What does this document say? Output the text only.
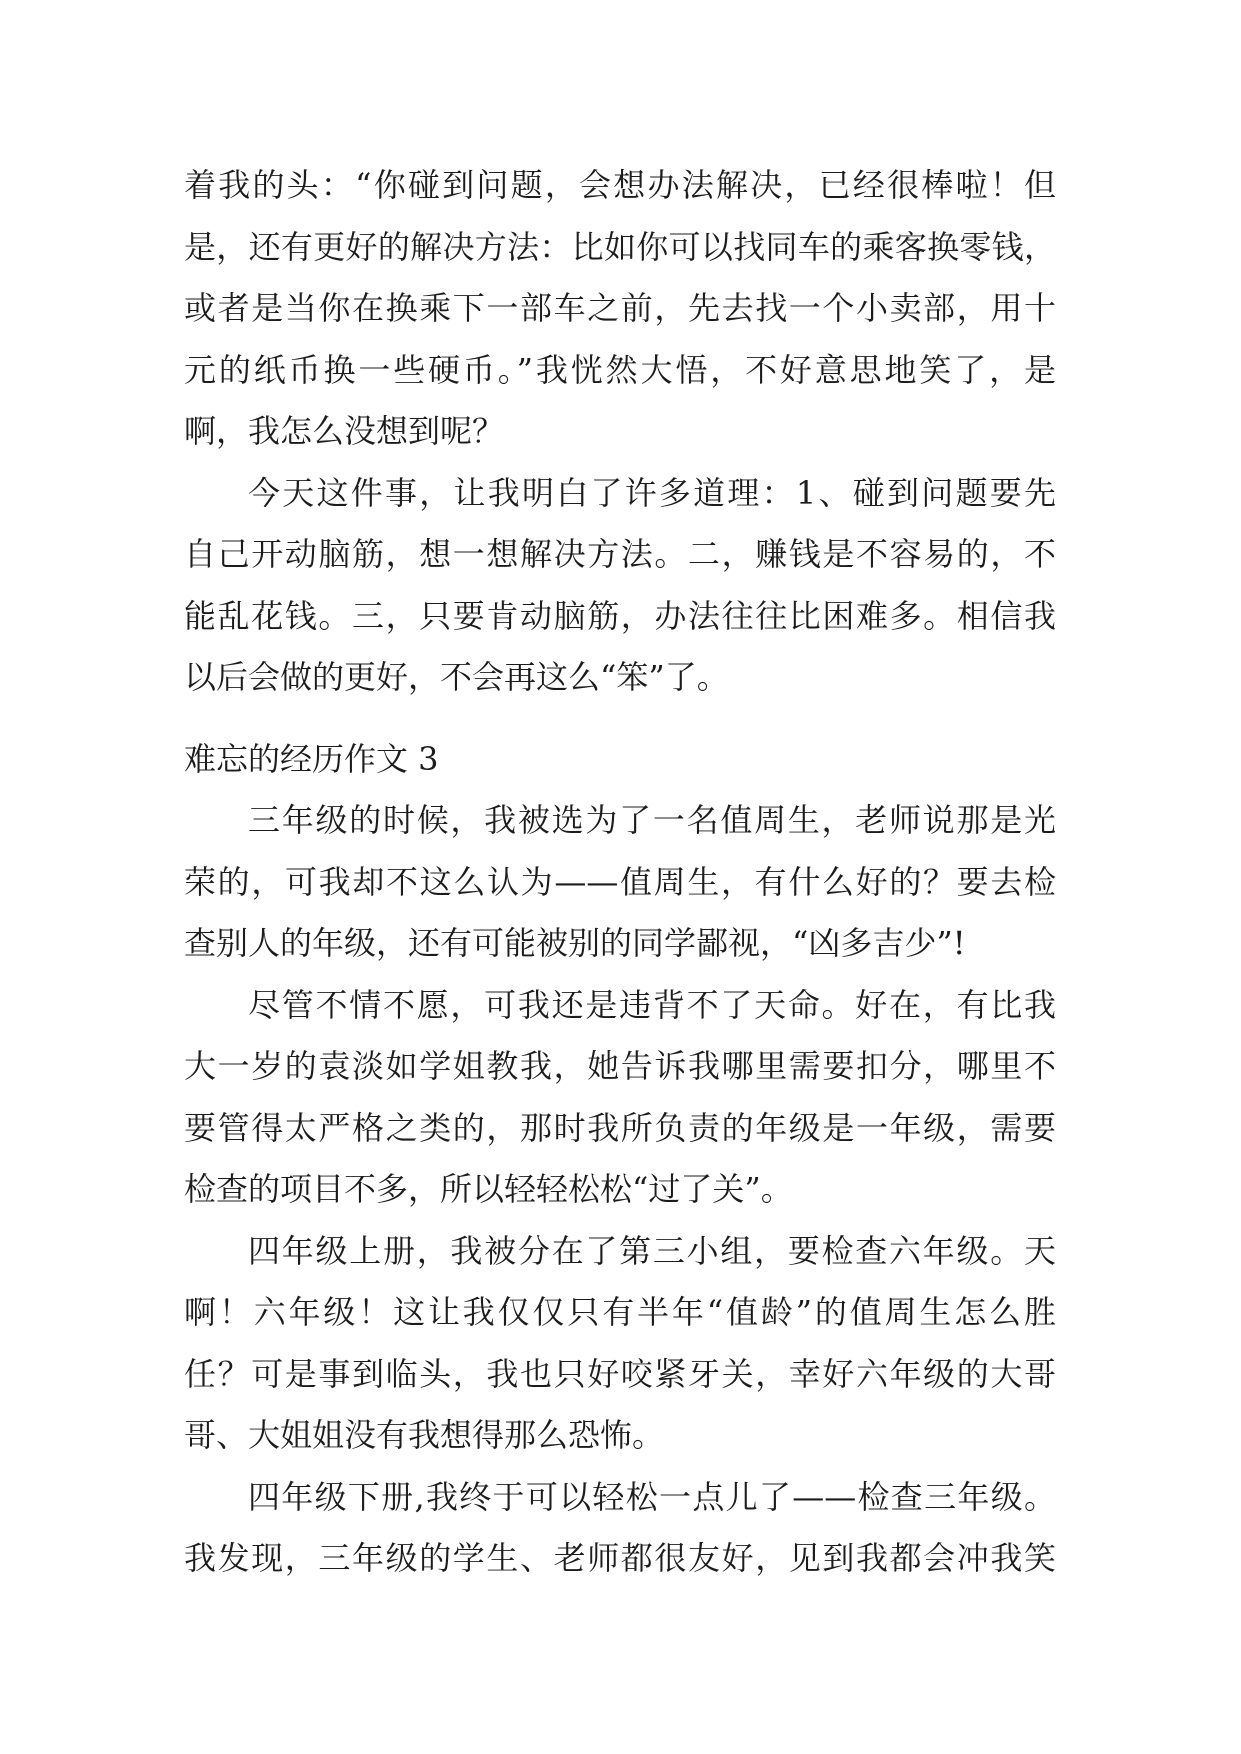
着我的头：“你碰到问题，会想办法解决，已经很棒啦！但
是，还有更好的解决方法：比如你可以找同车的乘客换零钱，
或者是当你在换乘下一部车之前，先去找一个小卖部，用十
元的纸币换一些硬币。”我恍然大悟，不好意思地笑了，是
啊，我怎么没想到呢？
今天这件事，让我明白了许多道理：1、碰到问题要先
自己开动脑筋，想一想解决方法。二，赚钱是不容易的，不
能乱花钱。三，只要肯动脑筋，办法往往比困难多。相信我
以后会做的更好，不会再这么“笨”了。
难忘的经历作文 3
三年级的时候，我被选为了一名值周生，老师说那是光
荣的，可我却不这么认为——值周生，有什么好的？要去检
查别人的年级，还有可能被别的同学鄙视，“凶多吉少”!
尽管不情不愿，可我还是违背不了天命。好在，有比我
大一岁的袁淡如学姐教我，她告诉我哪里需要扣分，哪里不
要管得太严格之类的，那时我所负责的年级是一年级，需要
检查的项目不多，所以轻轻松松“过了关”。
四年级上册，我被分在了第三小组，要检查六年级。天
啊！六年级！这让我仅仅只有半年“值龄”的值周生怎么胜
任？可是事到临头，我也只好咬紧牙关，幸好六年级的大哥
哥、大姐姐没有我想得那么恐怖。
四年级下册,我终于可以轻松一点儿了——检查三年级。
我发现，三年级的学生、老师都很友好，见到我都会冲我笑
